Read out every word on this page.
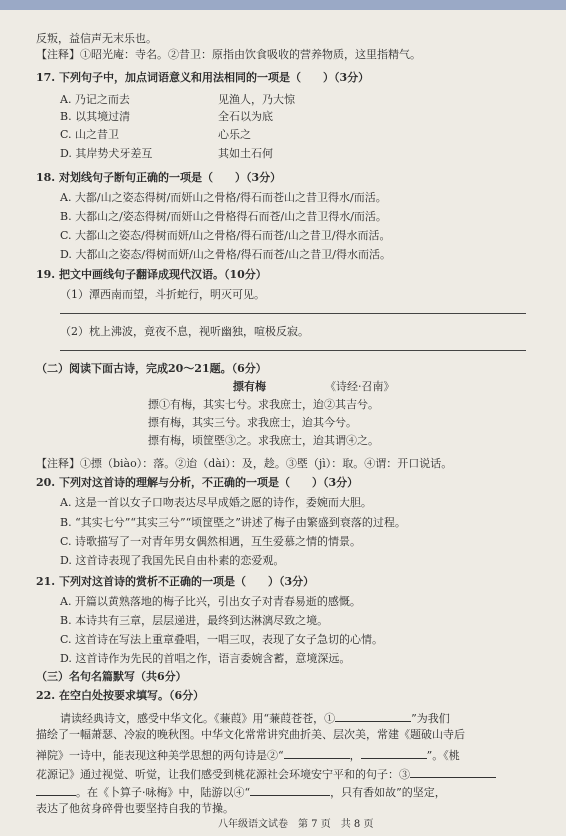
反叛，益信声无末乐也。
【注释】①昭光庵：寺名。②昔卫：原指由饮食吸收的营养物质，这里指精气。
17. 下列句子中，加点词语意义和用法相同的一项是（　　）（3分）
A. 乃记之而去	见渔人，乃大惊
B. 以其境过清	全石以为底
C. 山之昔卫	心乐之
D. 其岸势犬牙差互	其如土石何
18. 对划线句子断句正确的一项是（　　）（3分）
A. 大都/山之姿态得树/而妍山之骨格/得石而苍山之昔卫得水/而活。
B. 大都山之/姿态得树/而妍山之骨格得石而苍/山之昔卫得水/而活。
C. 大都山之姿态/得树而妍/山之骨格/得石而苍/山之昔卫/得水而活。
D. 大都山之姿态/得树而妍/山之骨格/得石而苍/山之昔卫/得水而活。
19. 把文中画线句子翻译成现代汉语。（10分）
（1）潭西南而望，斗折蛇行，明灭可见。
（2）枕上沸波，竟夜不息，视听幽独，喧极反寂。
（二）阅读下面古诗，完成20～21题。（6分）
摽有梅	《诗经·召南》
摽①有梅，其实七兮。求我庶士，迨②其吉兮。
摽有梅，其实三兮。求我庶士，迨其今兮。
摽有梅，顷筐塈③之。求我庶士，迨其谓④之。
【注释】①摽（biào）：落。②迨（dài）：及，趁。③塈（jì）：取。④谓：开口说话。
20. 下列对这首诗的理解与分析，不正确的一项是（　　）（3分）
A. 这是一首以女子口吻表达尽早成婚之愿的诗作，委婉而大胆。
B. “其实七兮”“其实三兮”“顷筐塈之”讲述了梅子由繁盛到衰落的过程。
C. 诗歌描写了一对青年男女偶然相遇，互生爱慕之情的情景。
D. 这首诗表现了我国先民自由朴素的恋爱观。
21. 下列对这首诗的赏析不正确的一项是（　　）（3分）
A. 开篇以黄熟落地的梅子比兴，引出女子对青春易逝的感慨。
B. 本诗共有三章，层层递进，最终到达淋漓尽致之境。
C. 这首诗在写法上重章叠唱，一唱三叹，表现了女子急切的心情。
D. 这首诗作为先民的首唱之作，语言委婉含蓄，意境深远。
（三）名句名篇默写（共6分）
22. 在空白处按要求填写。（6分）
请读经典诗文，感受中华文化。《蒹葭》用“蒹葭苍苍，①	”为我们
描绘了一幅萧瑟、冷寂的晚秋图。中华文化常常讲究曲折美、层次美，常建《题破山寺后
禅院》一诗中，能表现这种美学思想的两句诗是②“	，	”。《桃
花源记》通过视觉、听觉，让我们感受到桃花源社会环境安宁平和的句子：③
。在《卜算子·咏梅》中，陆游以④“	，只有香如故”的坚定，
表达了他贫身碎骨也要坚持自我的节操。
八年级语文试卷　第 7 页　共 8 页
